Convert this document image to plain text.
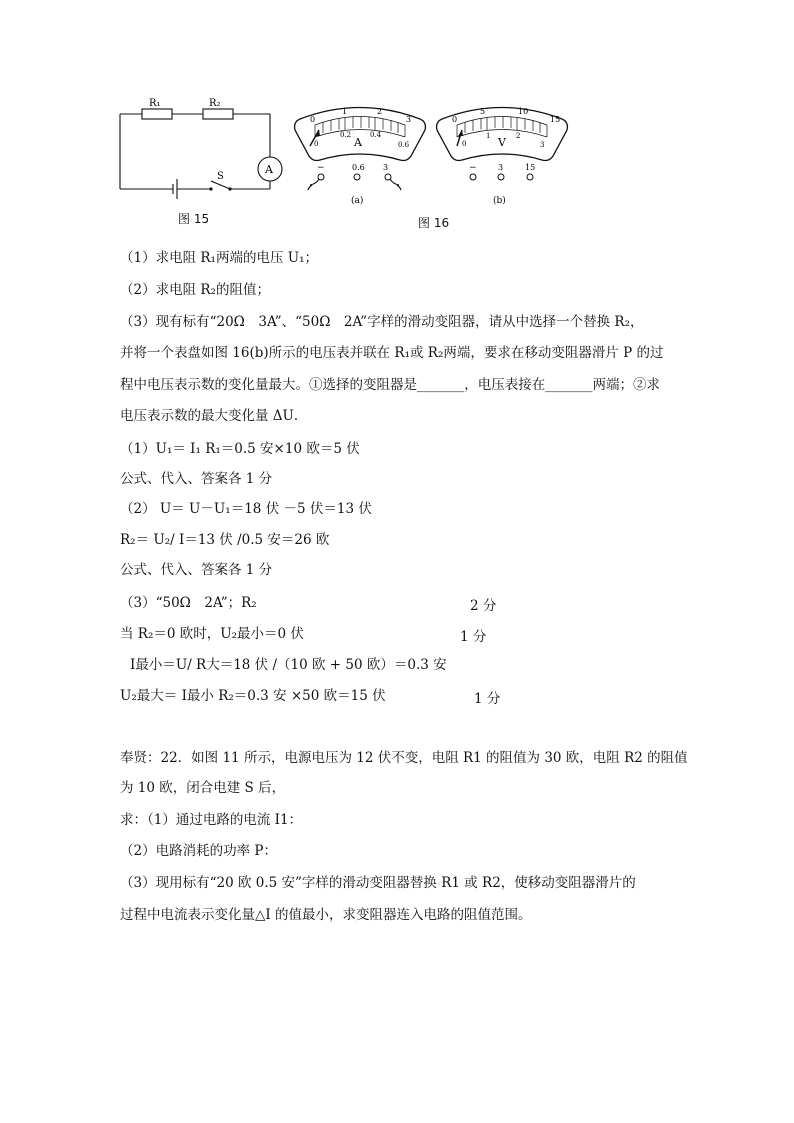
R₁	R₂
A
S
图 15
0
1	2
3
0
0.2	0.4
0.6
A
−	0.6 3
(a)
0
5	10
15
0
1	2
3
V
−	3	15
(b)
图 16
（1）求电阻 R₁两端的电压 U₁；
（2）求电阻 R₂的阻值；
（3）现有标有“20Ω　3A”、“50Ω　2A”字样的滑动变阻器，请从中选择一个替换 R₂，
并将一个表盘如图 16(b)所示的电压表并联在 R₁或 R₂两端，要求在移动变阻器滑片 P 的过
程中电压表示数的变化量最大。①选择的变阻器是_______，电压表接在_______两端；②求
电压表示数的最大变化量 ΔU．
（1）U₁＝ I₁ R₁＝0.5 安×10 欧＝5 伏
公式、代入、答案各 1 分
（2） U＝ U－U₁＝18 伏 －5 伏＝13 伏
R₂＝ U₂/ I＝13 伏 /0.5 安＝26 欧
公式、代入、答案各 1 分
（3）“50Ω　2A”；R₂	2 分
当 R₂＝0 欧时，U₂最小＝0 伏	1 分
I最小＝U/ R大＝18 伏 /（10 欧 + 50 欧）＝0.3 安
U₂最大＝ I最小 R₂＝0.3 安 ×50 欧＝15 伏	1 分
奉贤：22．如图 11 所示，电源电压为 12 伏不变，电阻 R1 的阻值为 30 欧，电阻 R2 的阻值
为 10 欧，闭合电建 S 后，
求：（1）通过电路的电流 I1：
（2）电路消耗的功率 P：
（3）现用标有“20 欧 0.5 安”字样的滑动变阻器替换 R1 或 R2，使移动变阻器滑片的
过程中电流表示变化量△I 的值最小，求变阻器连入电路的阻值范围。
